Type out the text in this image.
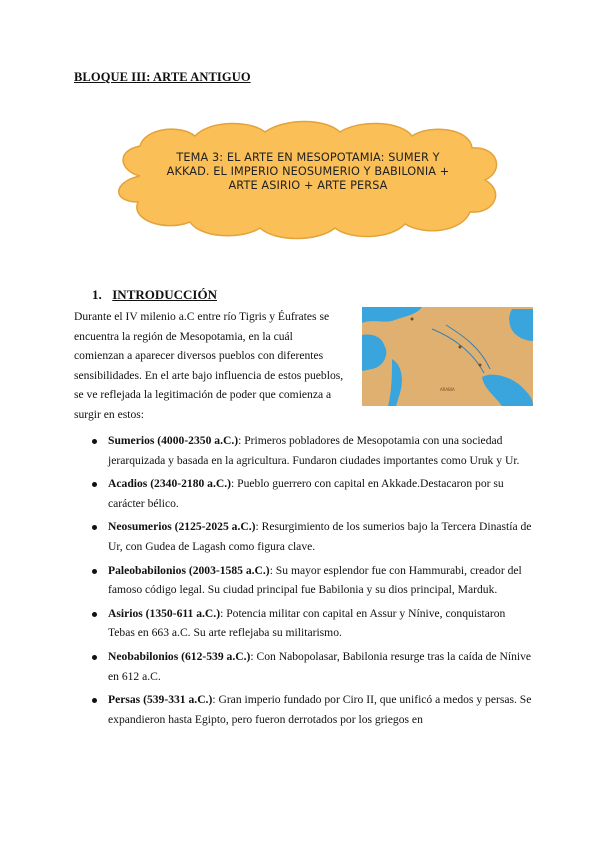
BLOQUE III: ARTE ANTIGUO
TEMA 3: EL ARTE EN MESOPOTAMIA: SUMER Y
AKKAD. EL IMPERIO NEOSUMERIO Y BABILONIA +
ARTE ASIRIO + ARTE PERSA
1. INTRODUCCIÓN
Durante el IV milenio a.C entre río Tigris y Éufrates se
encuentra la región de Mesopotamia, en la cuál
comienzan a aparecer diversos pueblos con diferentes
sensibilidades. En el arte bajo influencia de estos pueblos,
se ve reflejada la legitimación de poder que comienza a
surgir en estos:
ARABIA
Sumerios (4000-2350 a.C.): Primeros pobladores de Mesopotamia con una sociedad jerarquizada y basada en la agricultura. Fundaron ciudades importantes como Uruk y Ur.
Acadios (2340-2180 a.C.): Pueblo guerrero con capital en Akkade.Destacaron por su carácter bélico.
Neosumerios (2125-2025 a.C.): Resurgimiento de los sumerios bajo la Tercera Dinastía de Ur, con Gudea de Lagash como figura clave.
Paleobabilonios (2003-1585 a.C.): Su mayor esplendor fue con Hammurabi, creador del famoso código legal. Su ciudad principal fue Babilonia y su dios principal, Marduk.
Asirios (1350-611 a.C.): Potencia militar con capital en Assur y Nínive, conquistaron Tebas en 663 a.C. Su arte reflejaba su militarismo.
Neobabilonios (612-539 a.C.): Con Nabopolasar, Babilonia resurge tras la caída de Nínive en 612 a.C.
Persas (539-331 a.C.): Gran imperio fundado por Ciro II, que unificó a medos y persas. Se expandieron hasta Egipto, pero fueron derrotados por los griegos en
